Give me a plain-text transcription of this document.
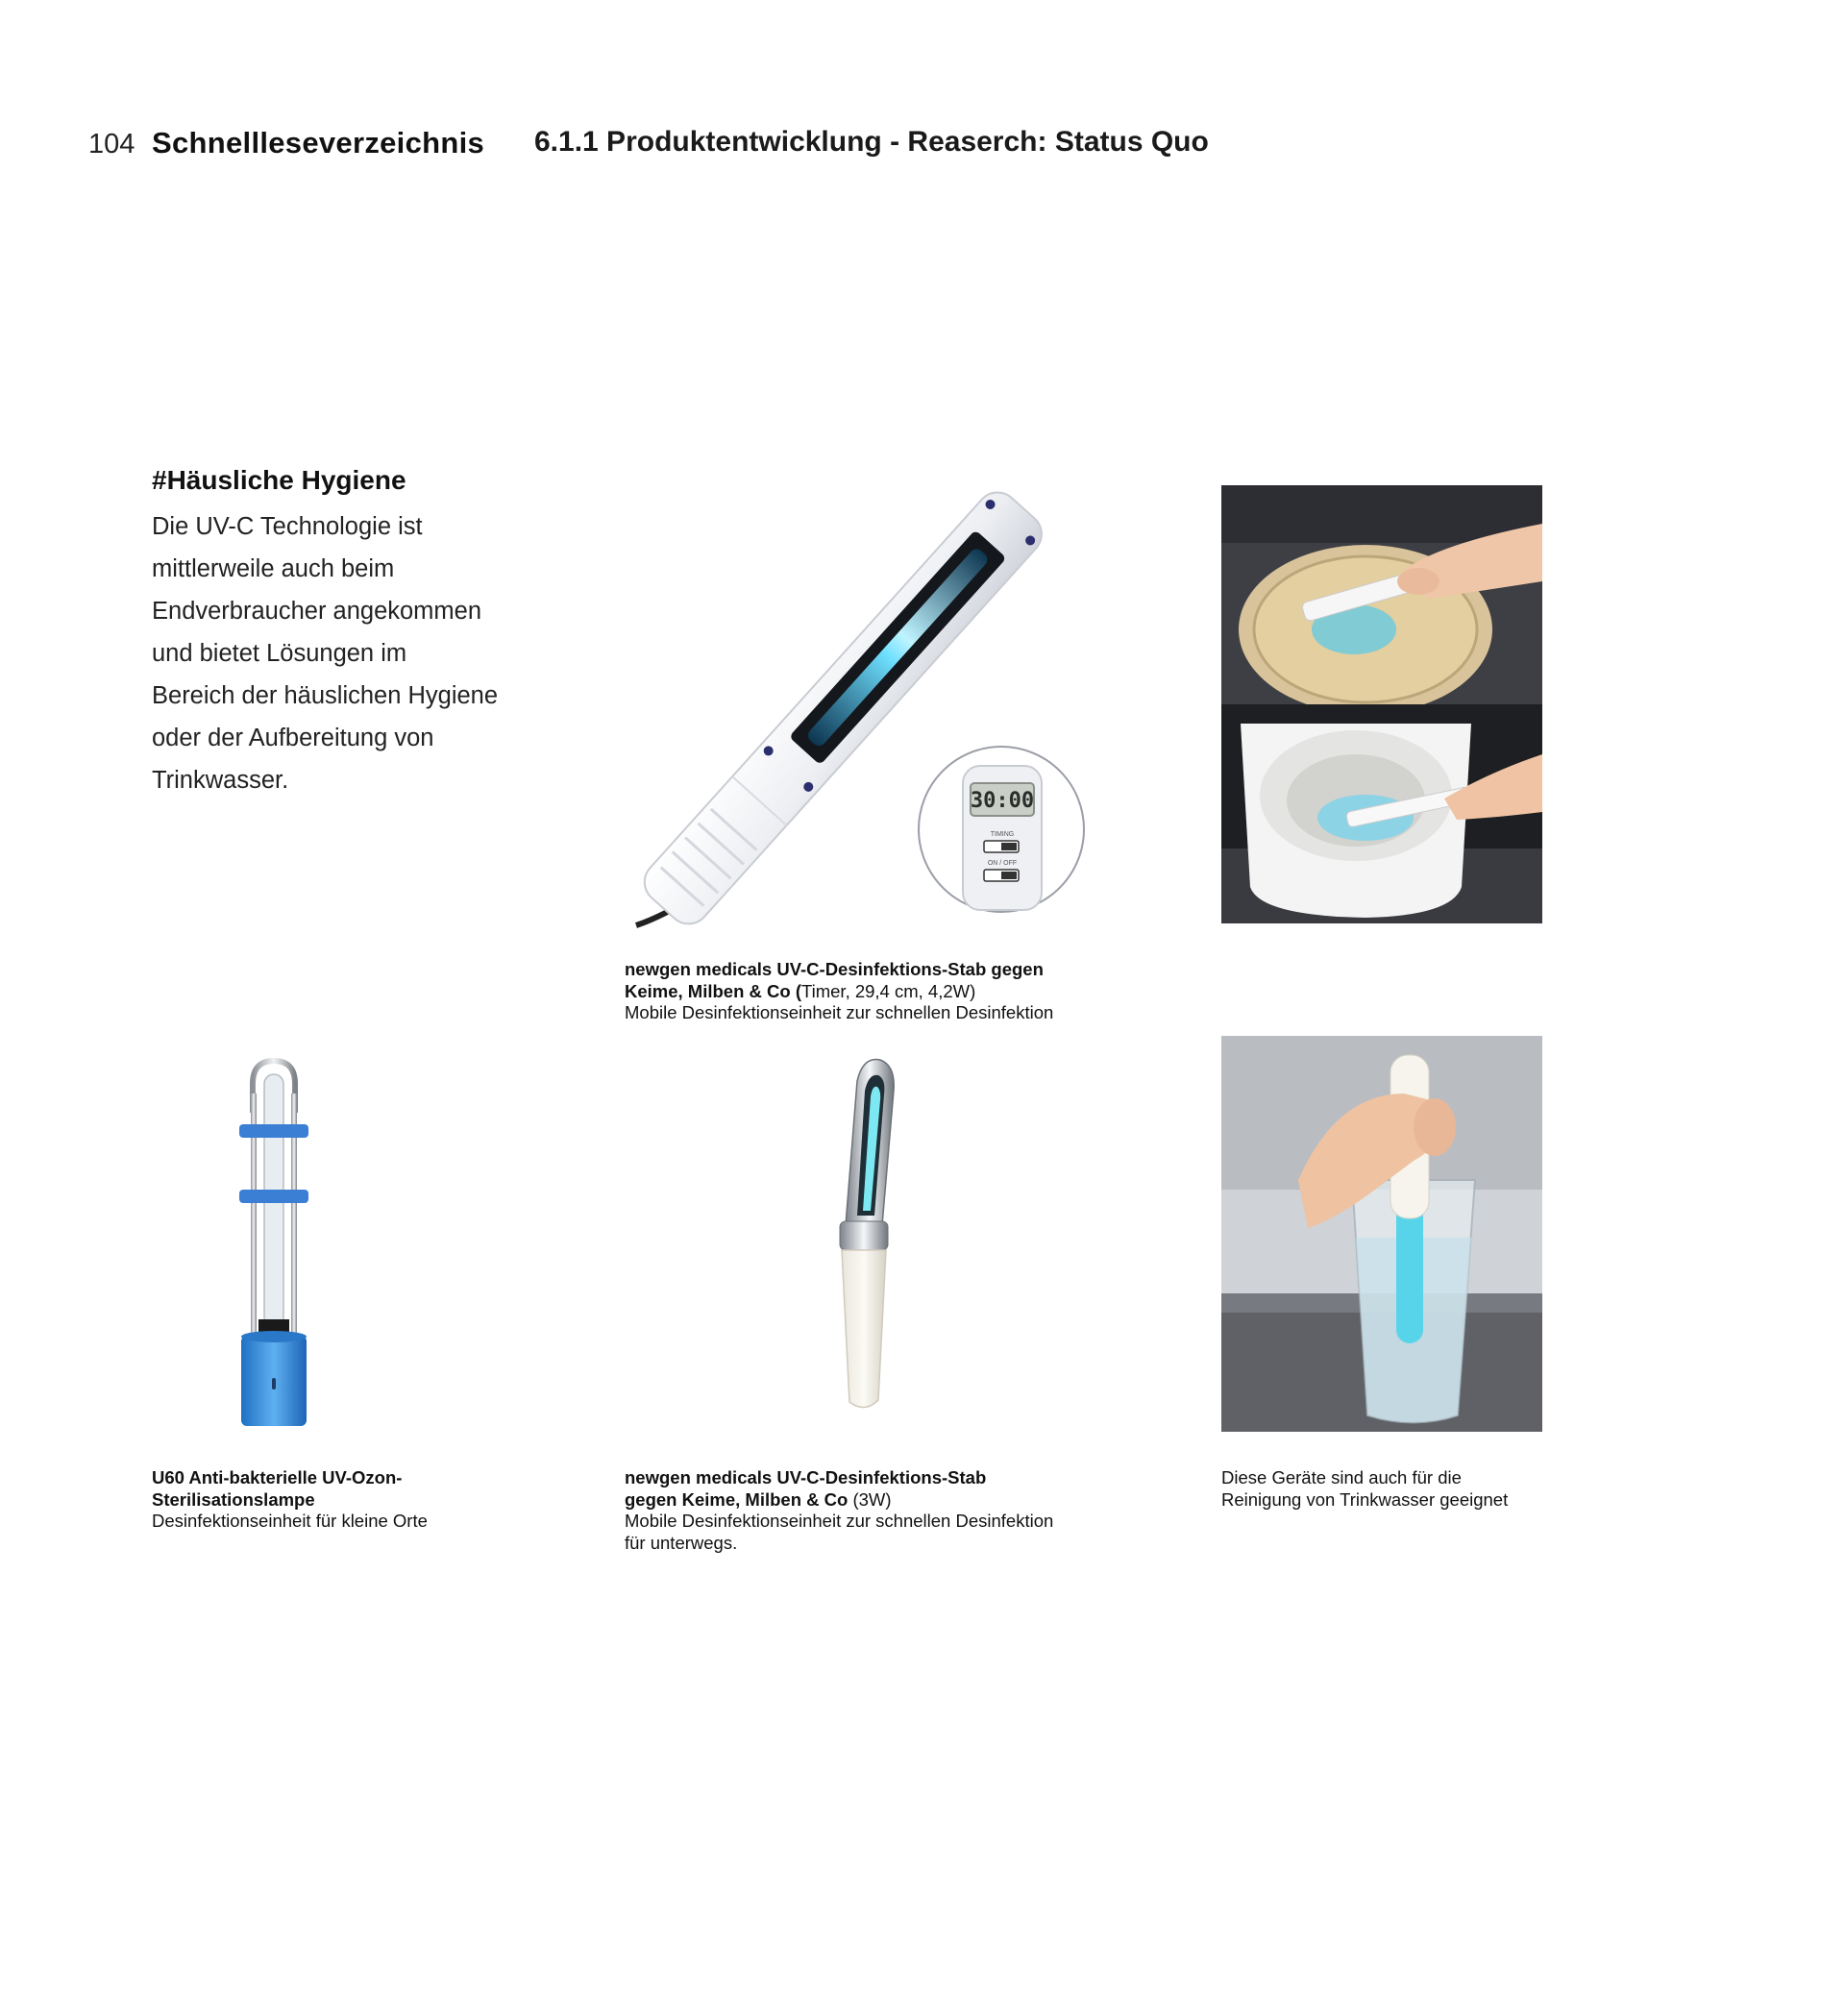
104 Schnellleseverzeichnis 6.1.1 Produktentwicklung - Reaserch: Status Quo
#Häusliche Hygiene
Die UV-C Technologie ist
mittlerweile auch beim
Endverbraucher angekommen
und bietet Lösungen im
Bereich der häuslichen Hygiene
oder der Aufbereitung von
Trinkwasser.
30:00
TIMING
ON / OFF
newgen medicals UV-C-Desinfektions-Stab gegen
Keime, Milben & Co (Timer, 29,4 cm, 4,2W)
Mobile Desinfektionseinheit zur schnellen Desinfektion
U60 Anti-bakterielle UV-Ozon-
Sterilisationslampe
Desinfektionseinheit für kleine Orte
newgen medicals UV-C-Desinfektions-Stab
gegen Keime, Milben & Co (3W)
Mobile Desinfektionseinheit zur schnellen Desinfektion
für unterwegs.
Diese Geräte sind auch für die
Reinigung von Trinkwasser geeignet
